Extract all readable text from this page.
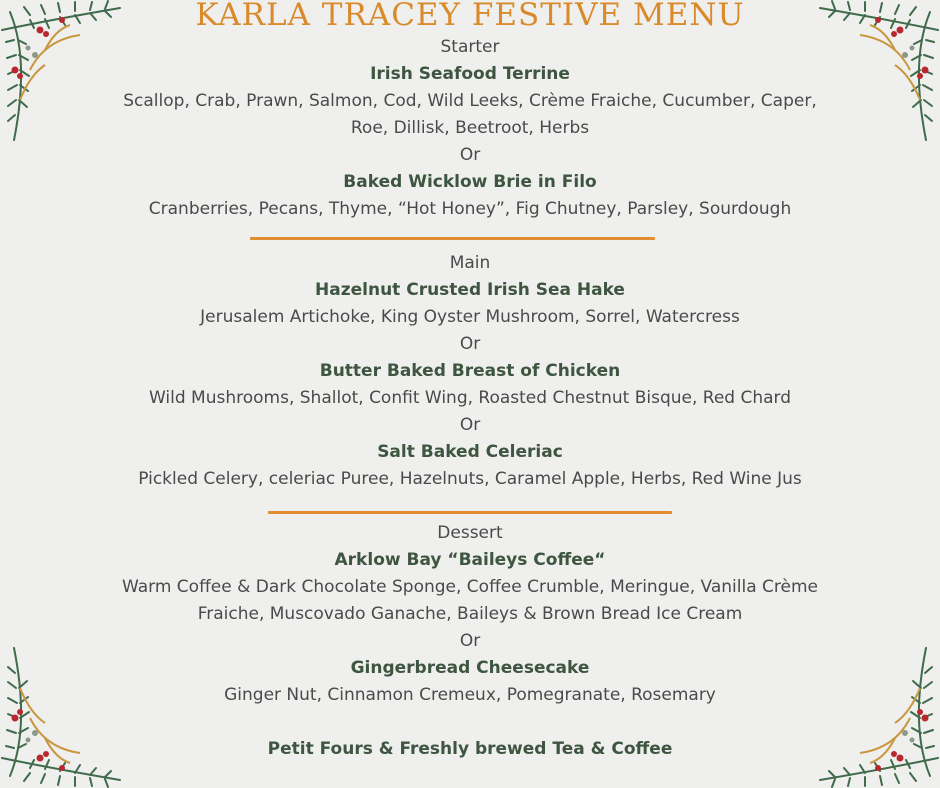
KARLA TRACEY FESTIVE MENU
Starter
Irish Seafood Terrine
Scallop, Crab, Prawn, Salmon, Cod, Wild Leeks, Crème Fraiche, Cucumber, Caper,
Roe, Dillisk, Beetroot, Herbs
Or
Baked Wicklow Brie in Filo
Cranberries, Pecans, Thyme, “Hot Honey”, Fig Chutney, Parsley, Sourdough
Main
Hazelnut Crusted Irish Sea Hake
Jerusalem Artichoke, King Oyster Mushroom, Sorrel, Watercress
Or
Butter Baked Breast of Chicken
Wild Mushrooms, Shallot, Confit Wing, Roasted Chestnut Bisque, Red Chard
Or
Salt Baked Celeriac
Pickled Celery, celeriac Puree, Hazelnuts, Caramel Apple, Herbs, Red Wine Jus
Dessert
Arklow Bay “Baileys Coffee“
Warm Coffee & Dark Chocolate Sponge, Coffee Crumble, Meringue, Vanilla Crème
Fraiche, Muscovado Ganache, Baileys & Brown Bread Ice Cream
Or
Gingerbread Cheesecake
Ginger Nut, Cinnamon Cremeux, Pomegranate, Rosemary
Petit Fours & Freshly brewed Tea & Coffee
